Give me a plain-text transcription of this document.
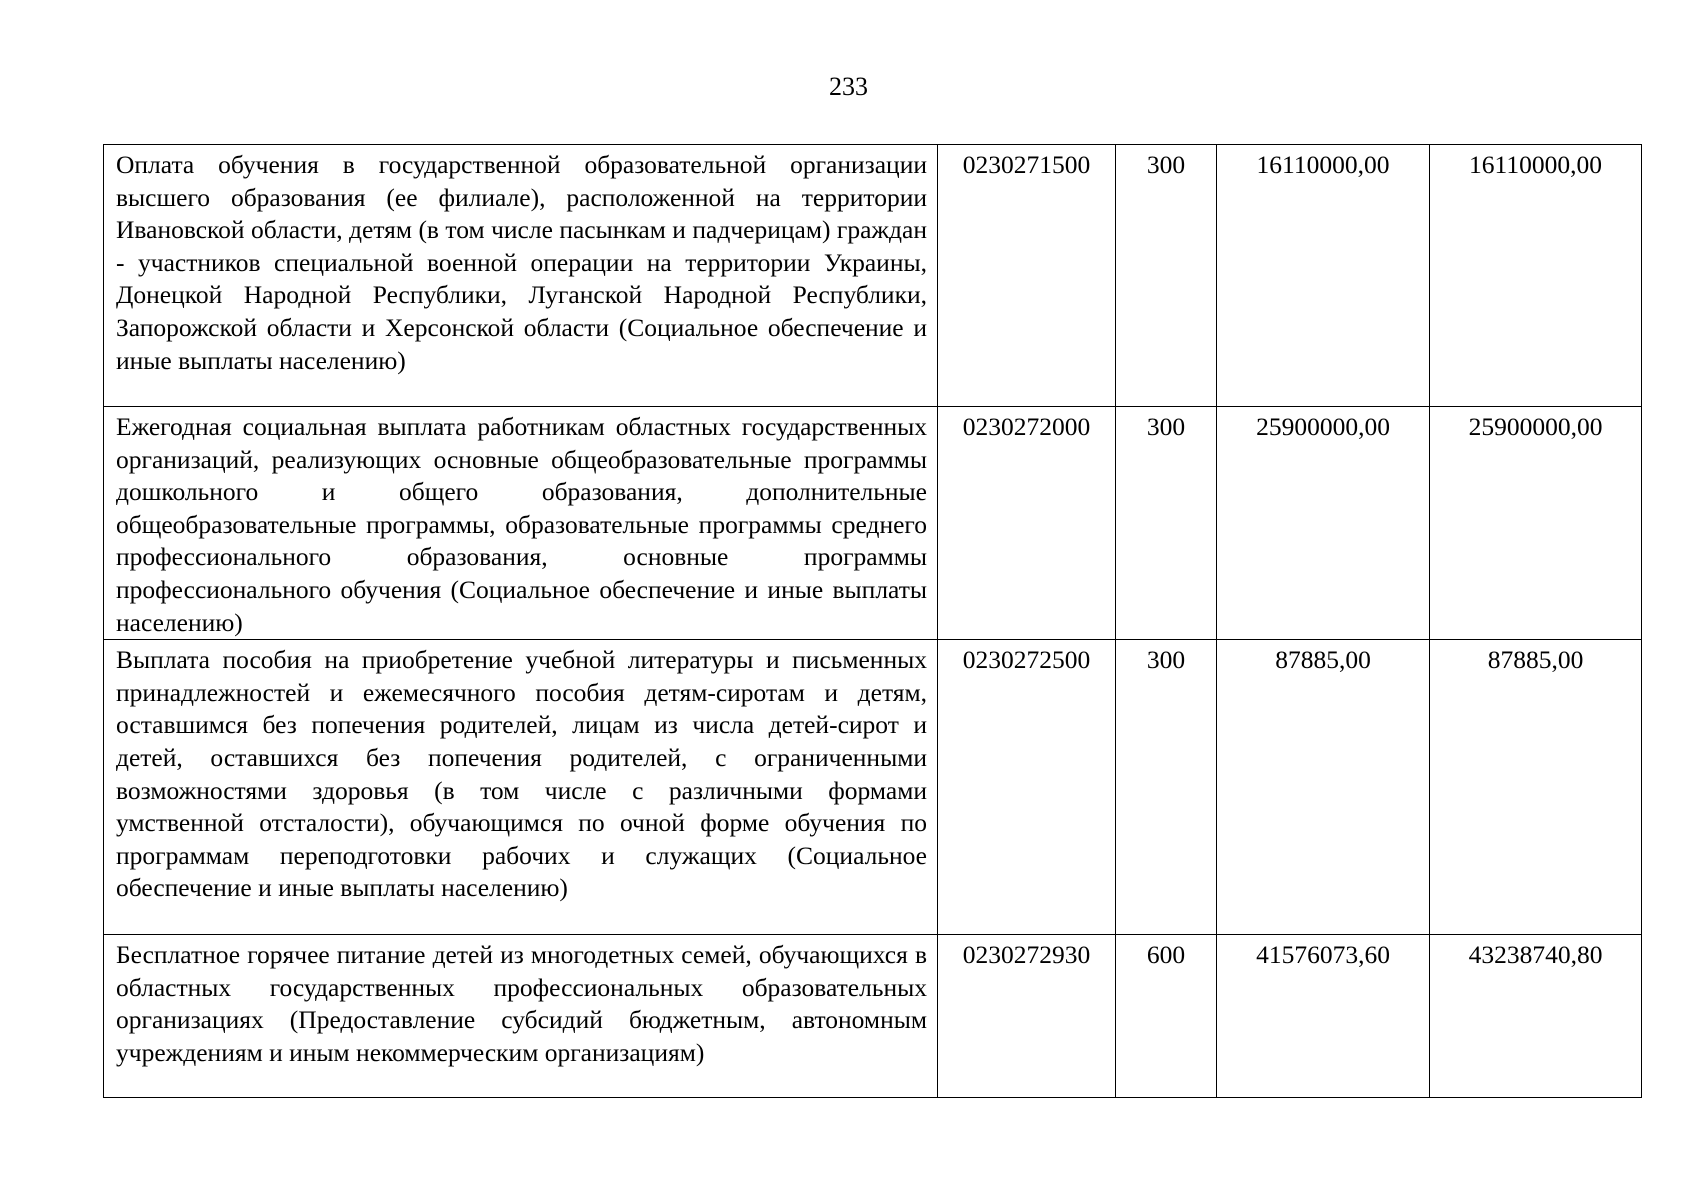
233
Оплата обучения в государственной образовательной организации высшего образования (ее филиале), расположенной на территории Ивановской области, детям (в том числе пасынкам и падчерицам) граждан - участников специальной военной операции на территории Украины, Донецкой Народной Республики, Луганской Народной Республики, Запорожской области и Херсонской области (Социальное обеспечение и иные выплаты населению)	0230271500	300	16110000,00	16110000,00
Ежегодная социальная выплата работникам областных государственных организаций, реализующих основные общеобразовательные программы дошкольного и общего образования, дополнительные общеобразовательные программы, образовательные программы среднего профессионального образования, основные программы профессионального обучения (Социальное обеспечение и иные выплаты населению)	0230272000	300	25900000,00	25900000,00
Выплата пособия на приобретение учебной литературы и письменных принадлежностей и ежемесячного пособия детям-сиротам и детям, оставшимся без попечения родителей, лицам из числа детей-сирот и детей, оставшихся без попечения родителей, с ограниченными возможностями здоровья (в том числе с различными формами умственной отсталости), обучающимся по очной форме обучения по программам переподготовки рабочих и служащих (Социальное обеспечение и иные выплаты населению)	0230272500	300	87885,00	87885,00
Бесплатное горячее питание детей из многодетных семей, обучающихся в областных государственных профессиональных образовательных организациях (Предоставление субсидий бюджетным, автономным учреждениям и иным некоммерческим организациям)	0230272930	600	41576073,60	43238740,80
